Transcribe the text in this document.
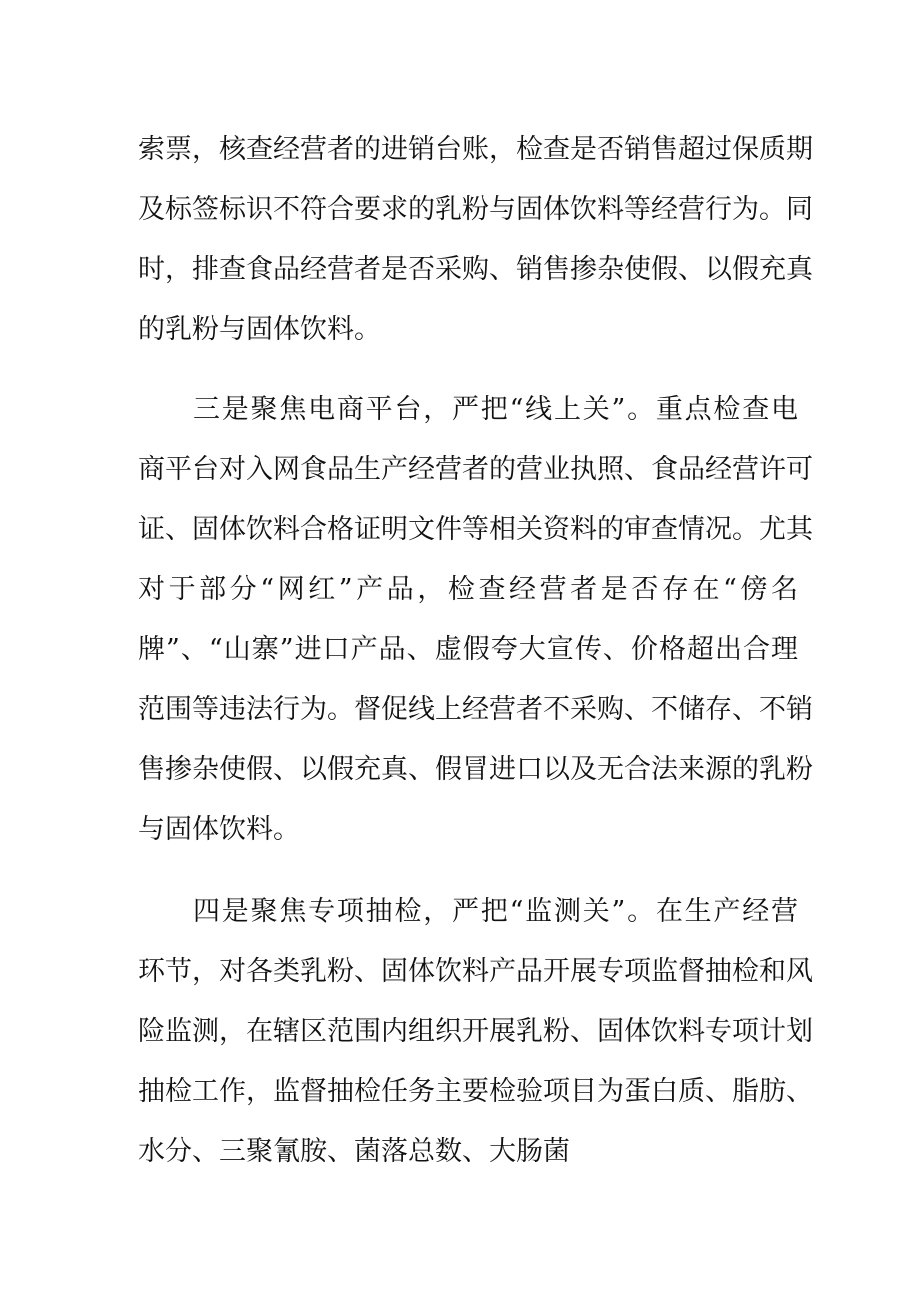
索票，核查经营者的进销台账，检查是否销售超过保质期
及标签标识不符合要求的乳粉与固体饮料等经营行为。同
时，排查食品经营者是否采购、销售掺杂使假、以假充真
的乳粉与固体饮料。
三是聚焦电商平台，严把“线上关”。重点检查电
商平台对入网食品生产经营者的营业执照、食品经营许可
证、固体饮料合格证明文件等相关资料的审查情况。尤其
对于部分“网红”产品，检查经营者是否存在“傍名
牌”、“山寨”进口产品、虚假夸大宣传、价格超出合理
范围等违法行为。督促线上经营者不采购、不储存、不销
售掺杂使假、以假充真、假冒进口以及无合法来源的乳粉
与固体饮料。
四是聚焦专项抽检，严把“监测关”。在生产经营
环节，对各类乳粉、固体饮料产品开展专项监督抽检和风
险监测，在辖区范围内组织开展乳粉、固体饮料专项计划
抽检工作，监督抽检任务主要检验项目为蛋白质、脂肪、
水分、三聚氰胺、菌落总数、大肠菌
